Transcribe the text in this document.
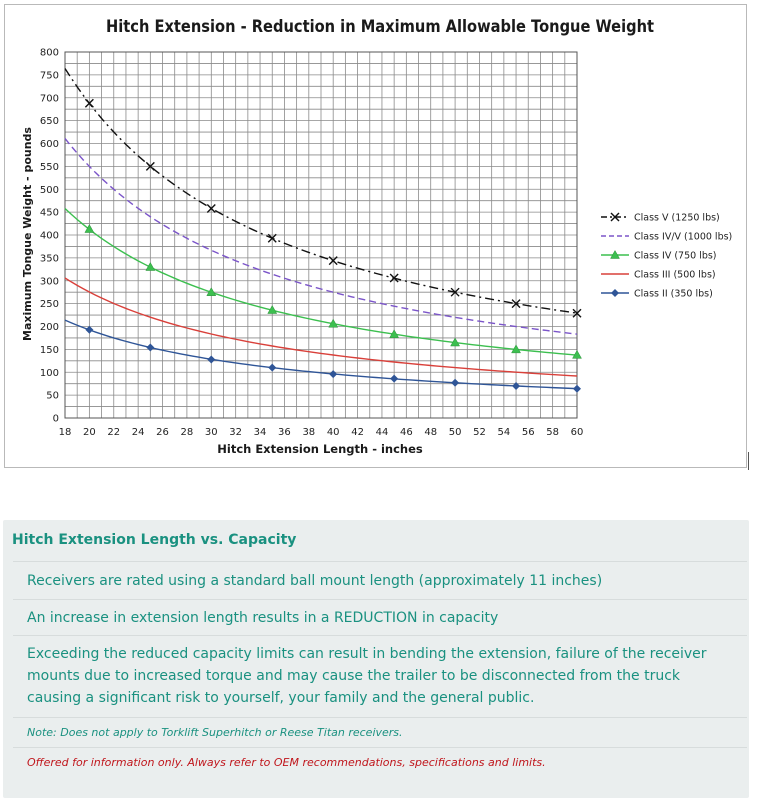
Hitch Extension - Reduction in Maximum Allowable Tongue Weight
18 20 22 24 26 28 30 32 34 36 38 40 42 44 46 48 50 52 54 56 58 60
0
50
100
150
200
250
300
350
400
450
500
550
600
650
700
750
800
Hitch Extension Length - inches
Maximum Tongue Weight - pounds	Class V (1250 lbs)
Class IV/V (1000 lbs)
Class IV (750 lbs)
Class III (500 lbs)
Class II (350 lbs)
Hitch Extension Length vs. Capacity
Receivers are rated using a standard ball mount length (approximately 11 inches)
An increase in extension length results in a REDUCTION in capacity
Exceeding the reduced capacity limits can result in bending the extension, failure of the receiver mounts due to increased torque and may cause the trailer to be disconnected from the truck causing a significant risk to yourself, your family and the general public.
Note: Does not apply to Torklift Superhitch or Reese Titan receivers.
Offered for information only. Always refer to OEM recommendations, specifications and limits.
